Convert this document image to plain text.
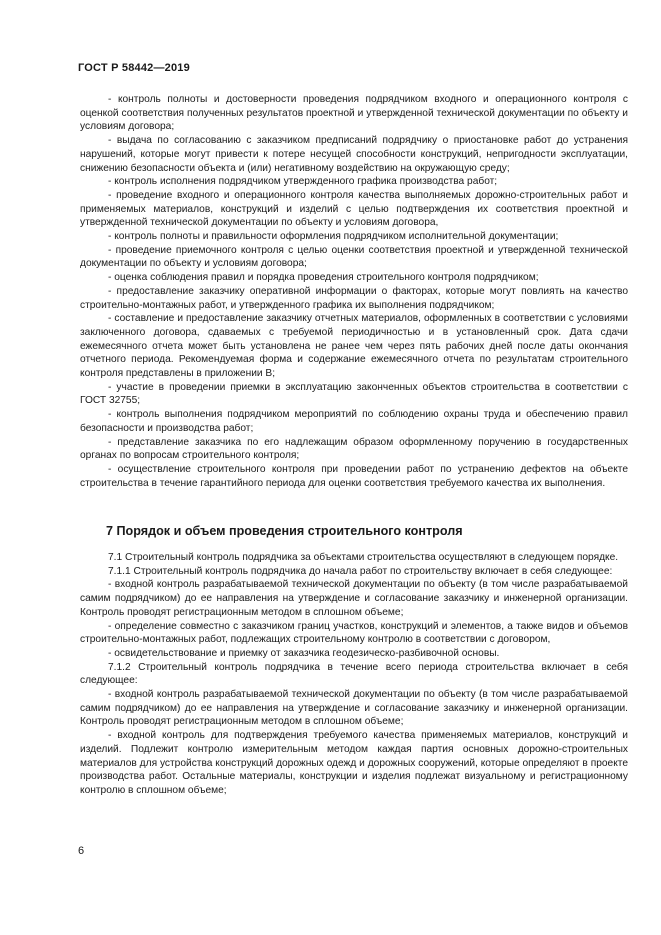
ГОСТ Р 58442—2019

- контроль полноты и достоверности проведения подрядчиком входного и операционного контроля с оценкой соответствия полученных результатов проектной и утвержденной технической документации по объекту и условиям договора;

- выдача по согласованию с заказчиком предписаний подрядчику о приостановке работ до устранения нарушений, которые могут привести к потере несущей способности конструкций, непригодности эксплуатации, снижению безопасности объекта и (или) негативному воздействию на окружающую среду;

- контроль исполнения подрядчиком утвержденного графика производства работ;

- проведение входного и операционного контроля качества выполняемых дорожно-строительных работ и применяемых материалов, конструкций и изделий с целью подтверждения их соответствия проектной и утвержденной технической документации по объекту и условиям договора,

- контроль полноты и правильности оформления подрядчиком исполнительной документации;

- проведение приемочного контроля с целью оценки соответствия проектной и утвержденной технической документации по объекту и условиям договора;

- оценка соблюдения правил и порядка проведения строительного контроля подрядчиком;

- предоставление заказчику оперативной информации о факторах, которые могут повлиять на качество строительно-монтажных работ, и утвержденного графика их выполнения подрядчиком;

- составление и предоставление заказчику отчетных материалов, оформленных в соответствии с условиями заключенного договора, сдаваемых с требуемой периодичностью и в установленный срок. Дата сдачи ежемесячного отчета может быть установлена не ранее чем через пять рабочих дней после даты окончания отчетного периода. Рекомендуемая форма и содержание ежемесячного отчета по результатам строительного контроля представлены в приложении В;

- участие в проведении приемки в эксплуатацию законченных объектов строительства в соответствии с ГОСТ 32755;

- контроль выполнения подрядчиком мероприятий по соблюдению охраны труда и обеспечению правил безопасности и производства работ;

- представление заказчика по его надлежащим образом оформленному поручению в государственных органах по вопросам строительного контроля;

- осуществление строительного контроля при проведении работ по устранению дефектов на объекте строительства в течение гарантийного периода для оценки соответствия требуемого качества их выполнения.

7 Порядок и объем проведения строительного контроля

7.1 Строительный контроль подрядчика за объектами строительства осуществляют в следующем порядке.

7.1.1 Строительный контроль подрядчика до начала работ по строительству включает в себя следующее:

- входной контроль разрабатываемой технической документации по объекту (в том числе разрабатываемой самим подрядчиком) до ее направления на утверждение и согласование заказчику и инженерной организации. Контроль проводят регистрационным методом в сплошном объеме;

- определение совместно с заказчиком границ участков, конструкций и элементов, а также видов и объемов строительно-монтажных работ, подлежащих строительному контролю в соответствии с договором,

- освидетельствование и приемку от заказчика геодезическо-разбивочной основы.

7.1.2 Строительный контроль подрядчика в течение всего периода строительства включает в себя следующее:

- входной контроль разрабатываемой технической документации по объекту (в том числе разрабатываемой самим подрядчиком) до ее направления на утверждение и согласование заказчику и инженерной организации. Контроль проводят регистрационным методом в сплошном объеме;

- входной контроль для подтверждения требуемого качества применяемых материалов, конструкций и изделий. Подлежит контролю измерительным методом каждая партия основных дорожно-строительных материалов для устройства конструкций дорожных одежд и дорожных сооружений, которые определяют в проекте производства работ. Остальные материалы, конструкции и изделия подлежат визуальному и регистрационному контролю в сплошном объеме;

6
